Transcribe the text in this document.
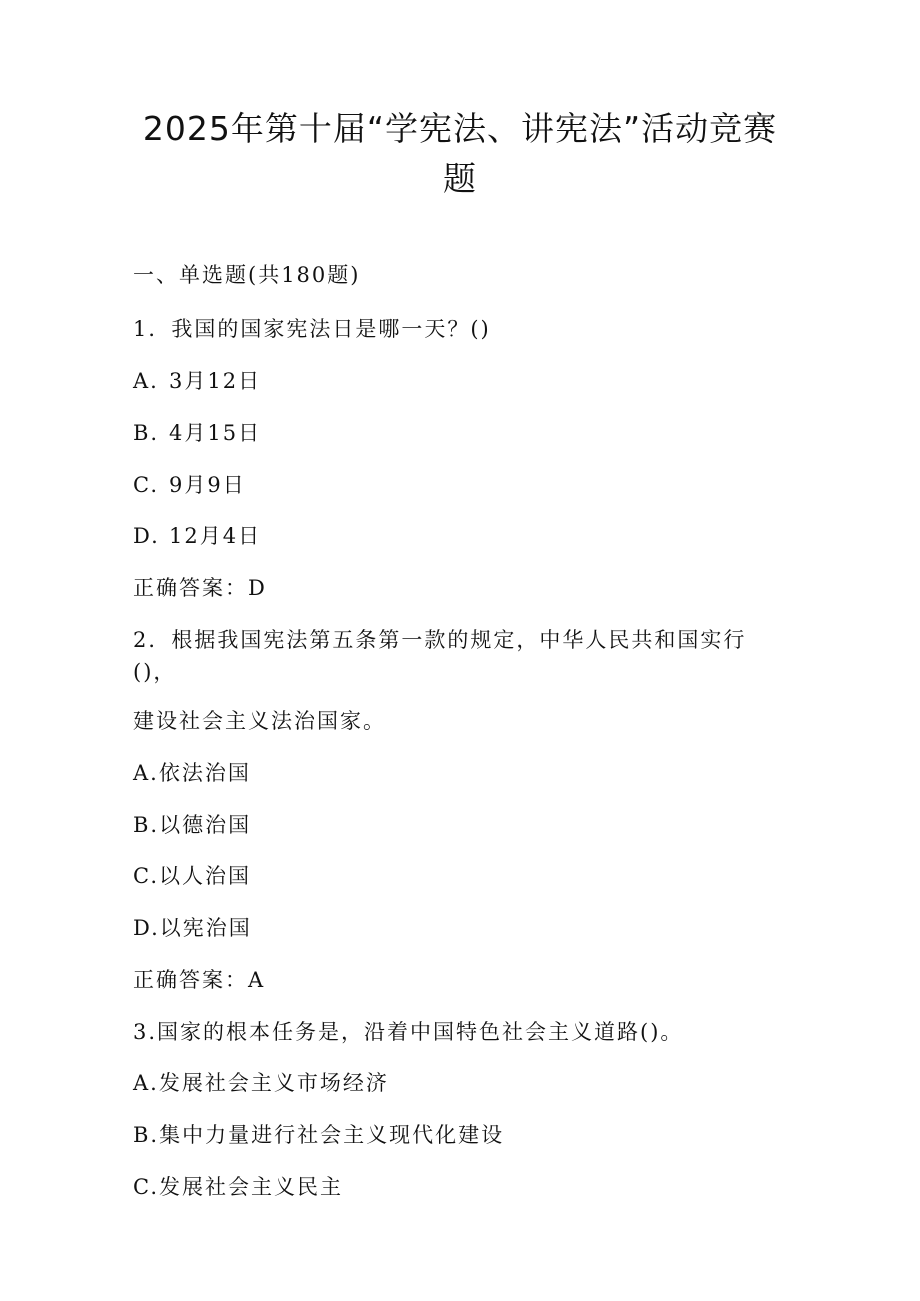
2025年第十届“学宪法、讲宪法”活动竞赛
题

一、单选题(共180题)

1．我国的国家宪法日是哪一天？()

A. 3月12日

B. 4月15日

C. 9月9日

D. 12月4日

正确答案：D

2．根据我国宪法第五条第一款的规定，中华人民共和国实行

()，

建设社会主义法治国家。

A.依法治国

B.以德治国

C.以人治国

D.以宪治国

正确答案：A

3.国家的根本任务是，沿着中国特色社会主义道路()。

A.发展社会主义市场经济

B.集中力量进行社会主义现代化建设

C.发展社会主义民主
